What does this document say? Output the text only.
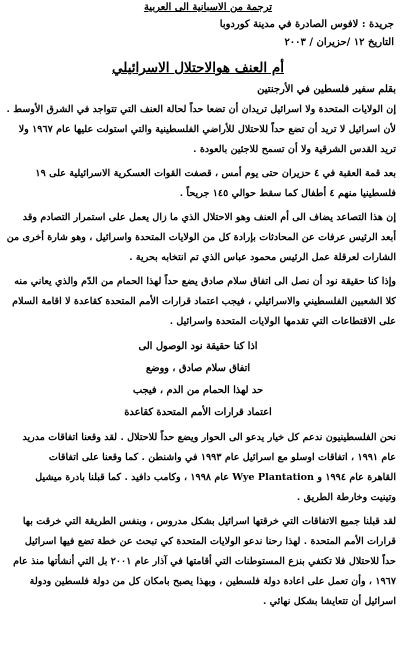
ترجمة من الاسبانية الى العربية
جريدة : لافوس الصادرة في مدينة كوردوبا
التاريخ ١٢ /حزيران / ٢٠٠٣
أم العنف هوالاحتلال الاسرائيلي
بقلم سفير فلسطين في الأرجنتين
إن الولايات المتحدة ولا اسرائيل تريدان أن تضعا حداً لحالة العنف التي تتواجد في الشرق الأوسط .
لأن اسرائيل لا تريد أن تضع حداً للاحتلال للأراضي الفلسطينية والتي استولت عليها عام ١٩٦٧ ولا
تريد القدس الشرقية ولا أن تسمح للاجئين بالعودة .
بعد قمة العقبة في ٤ حزيران حتى يوم أمس ، قصفت القوات العسكرية الاسرائيلية على ١٩
فلسطينيا منهم ٤ أطفال كما سقط حوالي ١٤٥ جريحاً .
إن هذا التصاعد يضاف الى أم العنف وهو الاحتلال الذي ما زال يعمل على استمرار التصادم وقد
أبعد الرئيس عرفات عن المحادثات بإرادة كل من الولايات المتحدة واسرائيل ، وهو شارة أخرى من
الشارات لعرقلة عمل الرئيس محمود عباس الذي تم انتخابه بحرية .
وإذا كنا حقيقة نود أن نصل الى اتفاق سلام صادق يضع حداً لهذا الحمام من الدّم والذي يعاني منه
كلا الشعبين الفلسطيني والاسرائيلي ، فيجب اعتماد قرارات الأمم المتحدة كقاعدة لا اقامة السلام
على الاقتطاعات التي تقدمها الولايات المتحدة واسرائيل .
اذا كنا حقيقة نود الوصول الى
اتفاق سلام صادق ، ووضع
حد لهذا الحمام من الدم ، فيجب
اعتماد قرارات الأمم المتحدة كقاعدة
نحن الفلسطينيون ندعم كل خيار يدعو الى الحوار ويضع حداً للاحتلال . لقد وقعنا اتفاقات مدريد
عام ١٩٩١ ، اتفاقات اوسلو مع اسرائيل عام ١٩٩٣ في واشنطن . كما وقعنا على اتفاقات
القاهرة عام ١٩٩٤ و Wye Plantation عام ١٩٩٨ ، وكامب دافيد . كما قبلنا بادرة ميشيل
وتينيت وخارطة الطريق .
لقد قبلنا جميع الاتفاقات التي خرقتها اسرائيل بشكل مدروس ، وبنفس الطريقة التي خرقت بها
قرارات الأمم المتحدة . لهذا رحنا ندعو الولايات المتحدة كي تبحث عن خطة تضع فيها اسرائيل
حداً للاحتلال فلا تكتفي بنزع المستوطنات التي أقامتها في آذار عام ٢٠٠١ بل التي أنشأتها منذ عام
١٩٦٧ ، وأن تعمل على اعادة دولة فلسطين ، وبهذا يصبح بامكان كل من دولة فلسطين ودولة
اسرائيل أن تتعايشا بشكل نهائي .
